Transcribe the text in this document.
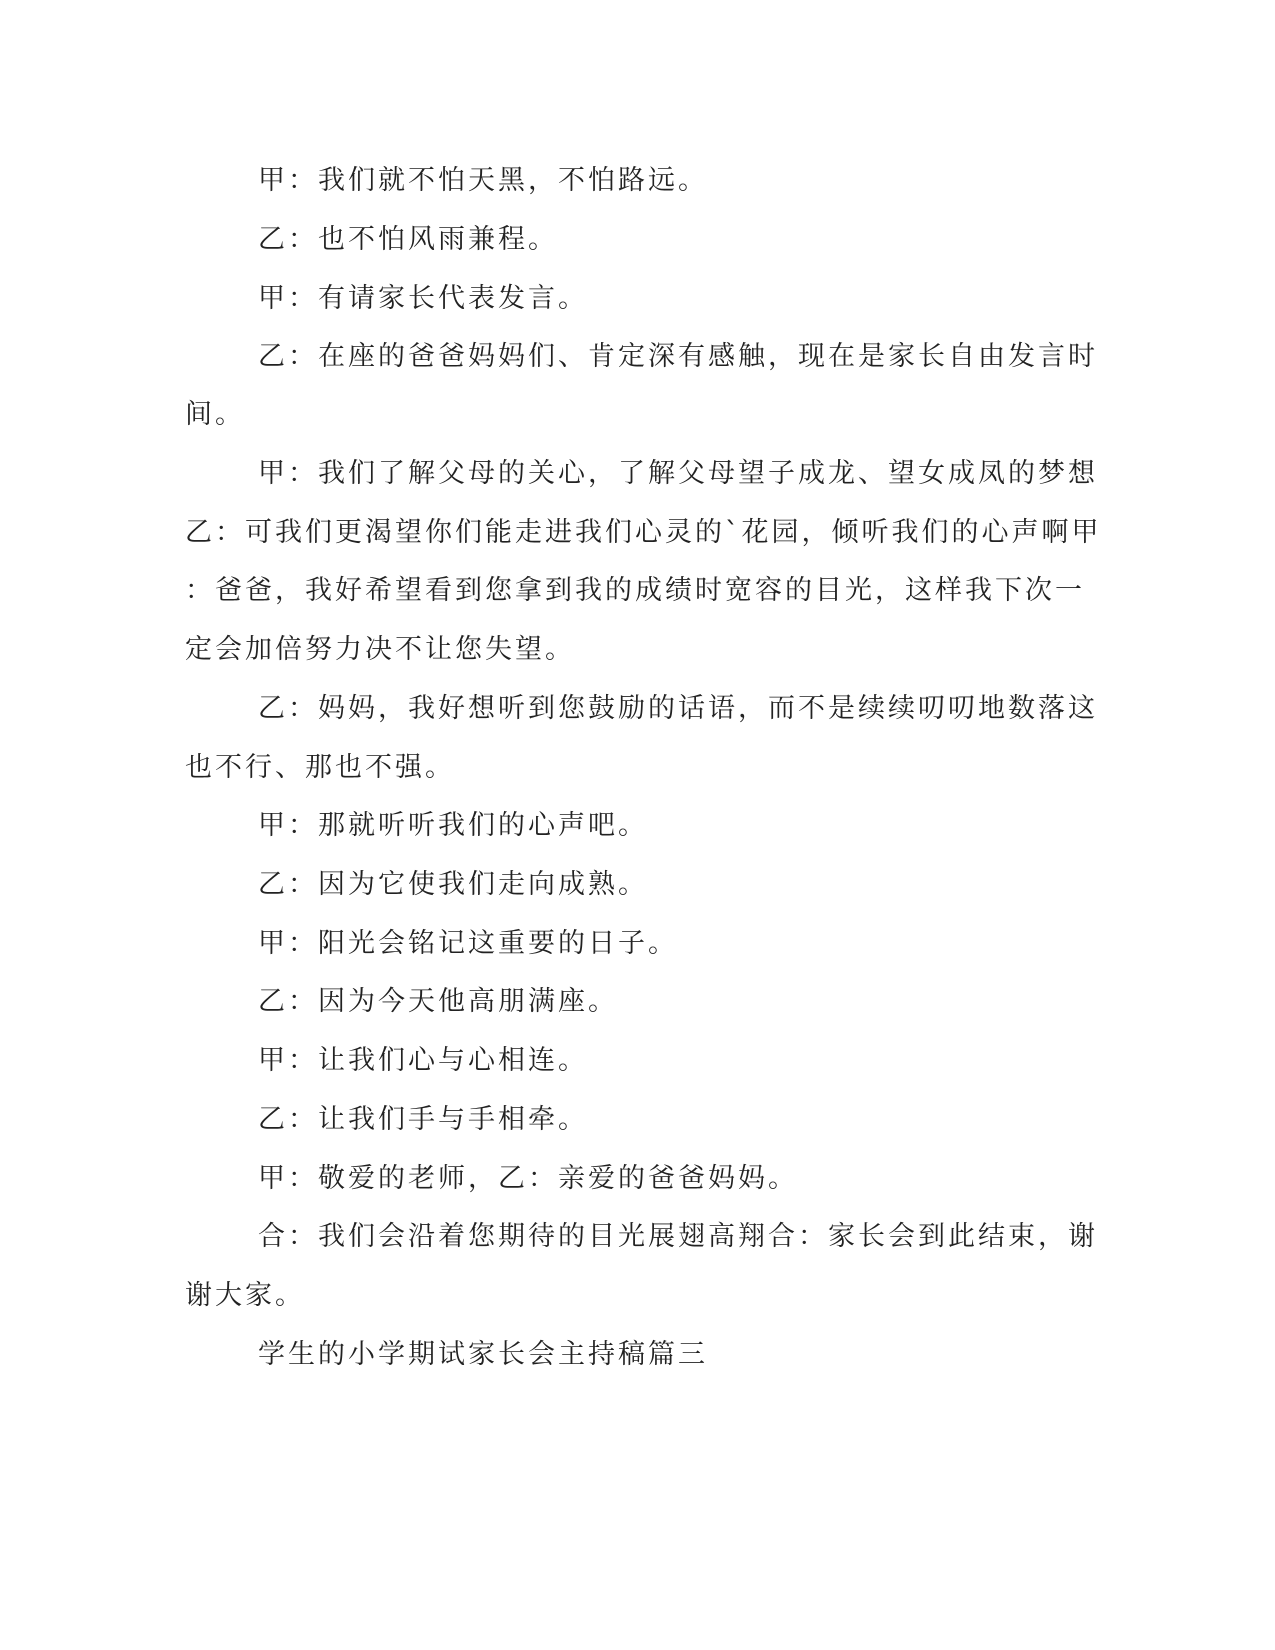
甲：我们就不怕天黑，不怕路远。
乙：也不怕风雨兼程。
甲：有请家长代表发言。
乙：在座的爸爸妈妈们、肯定深有感触，现在是家长自由发言时
间。
甲：我们了解父母的关心，了解父母望子成龙、望女成凤的梦想
乙：可我们更渴望你们能走进我们心灵的`花园，倾听我们的心声啊甲
：爸爸，我好希望看到您拿到我的成绩时宽容的目光，这样我下次一
定会加倍努力决不让您失望。
乙：妈妈，我好想听到您鼓励的话语，而不是续续叨叨地数落这
也不行、那也不强。
甲：那就听听我们的心声吧。
乙：因为它使我们走向成熟。
甲：阳光会铭记这重要的日子。
乙：因为今天他高朋满座。
甲：让我们心与心相连。
乙：让我们手与手相牵。
甲：敬爱的老师，乙：亲爱的爸爸妈妈。
合：我们会沿着您期待的目光展翅高翔合：家长会到此结束，谢
谢大家。
学生的小学期试家长会主持稿篇三
